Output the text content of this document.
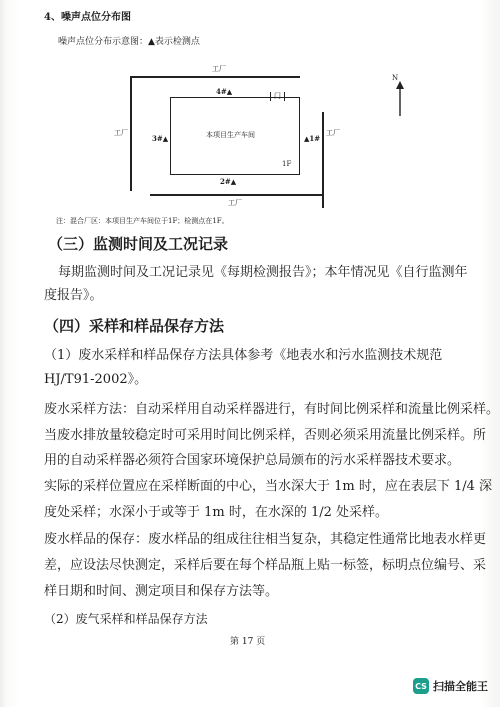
4、噪声点位分布图
噪声点位分布示意图：▲表示检测点
门
工厂
工厂	工厂
工厂
4#▲
3#▲	▲1#
2#▲
本项目生产车间
1F
N
注：混合厂区：本项目生产车间位于1F；检测点在1F。
（三）监测时间及工况记录
每期监测时间及工况记录见《每期检测报告》；本年情况见《自行监测年
度报告》。
（四）采样和样品保存方法
（1）废水采样和样品保存方法具体参考《地表水和污水监测技术规范
HJ/T91-2002》。
废水采样方法：自动采样用自动采样器进行，有时间比例采样和流量比例采样。
当废水排放量较稳定时可采用时间比例采样，否则必须采用流量比例采样。所
用的自动采样器必须符合国家环境保护总局颁布的污水采样器技术要求。
实际的采样位置应在采样断面的中心，当水深大于 1m 时，应在表层下 1/4 深
度处采样；水深小于或等于 1m 时，在水深的 1/2 处采样。
废水样品的保存：废水样品的组成往往相当复杂，其稳定性通常比地表水样更
差，应设法尽快测定，采样后要在每个样品瓶上贴一标签，标明点位编号、采
样日期和时间、测定项目和保存方法等。
（2）废气采样和样品保存方法
第 17 页
CS 扫描全能王
